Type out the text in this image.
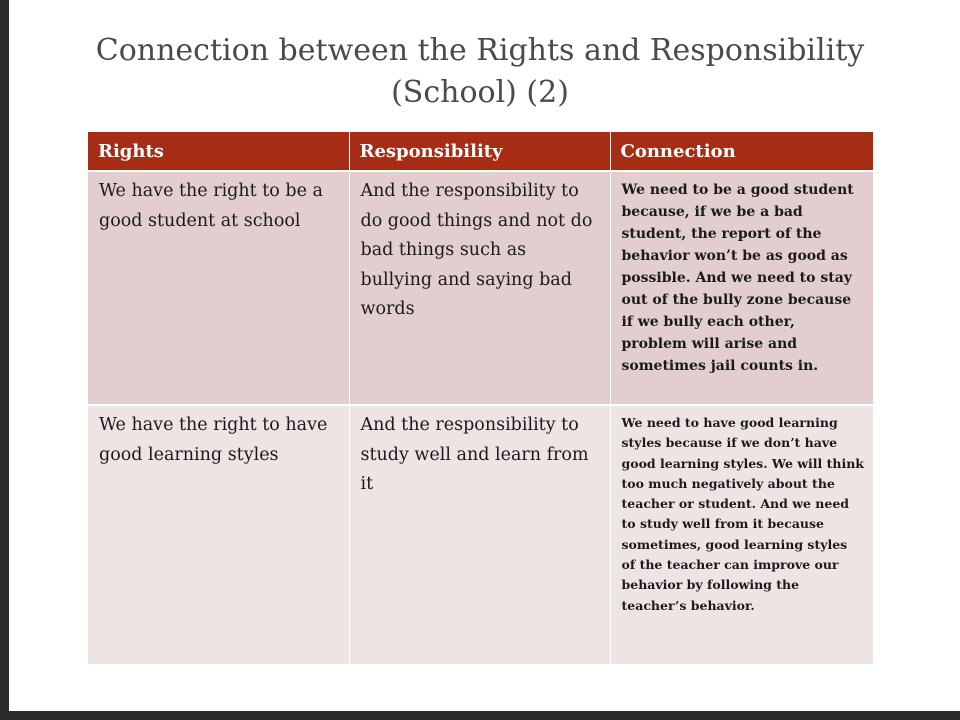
Connection between the Rights and Responsibility (School) (2)
Rights	Responsibility	Connection

We have the right to be a good student at school	And the responsibility to do good things and not do bad things such as bullying and saying bad words	We need to be a good student because, if we be a bad student, the report of the behavior won’t be as good as possible. And we need to stay out of the bully zone because if we bully each other, problem will arise and sometimes jail counts in.

We have the right to have good learning styles	And the responsibility to study well and learn from it	We need to have good learning styles because if we don’t have good learning styles. We will think too much negatively about the teacher or student. And we need to study well from it because sometimes, good learning styles of the teacher can improve our behavior by following the teacher’s behavior.
